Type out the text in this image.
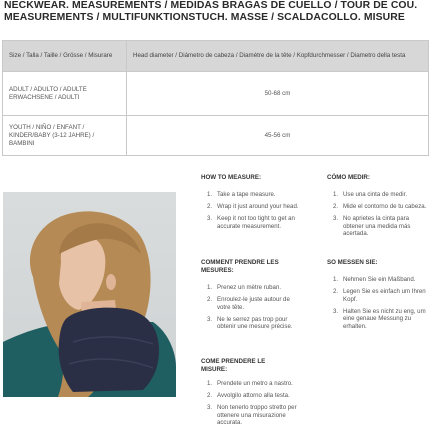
NECKWEAR. MEASUREMENTS / MEDIDAS BRAGAS DE CUELLO / TOUR DE COU. MEASUREMENTS / MULTIFUNKTIONSTUCH. MASSE / SCALDACOLLO. MISURE
Size / Talla / Taille / Grösse / Misurare	Head diameter / Diámetro de cabeza / Diamètre de la tête / Kopfdurchmesser / Diametro della testa
ADULT / ADULTO / ADULTE ERWACHSENE / ADULTI	50-68 cm
YOUTH / NIÑO / ENFANT / KINDER/BABY (3-12 JAHRE) / BAMBINI	45-56 cm
HOW TO MEASURE:
1. Take a tape measure.
2. Wrap it just around your head.
3. Keep it not too tight to get an accurate measurement.
CÓMO MEDIR:
1. Use una cinta de medir.
2. Mide el contorno de tu cabeza.
3. No aprietes la cinta para obtener una medida más acertada.
COMMENT PRENDRE LES MESURES:
1. Prenez un mètre ruban.
2. Enroulez-le juste autour de votre tête.
3. Ne le serrez pas trop pour obtenir une mesure précise.
SO MESSEN SIE:
1. Nehmen Sie ein Maßband.
2. Legen Sie es einfach um Ihren Kopf.
3. Halten Sie es nicht zu eng, um eine genaue Messung zu erhalten.
COME PRENDERE LE MISURE:
1. Prendete un metro a nastro.
2. Avvolgilo attorno alla testa.
3. Non tenerlo troppo stretto per ottenere una misurazione accurata.
